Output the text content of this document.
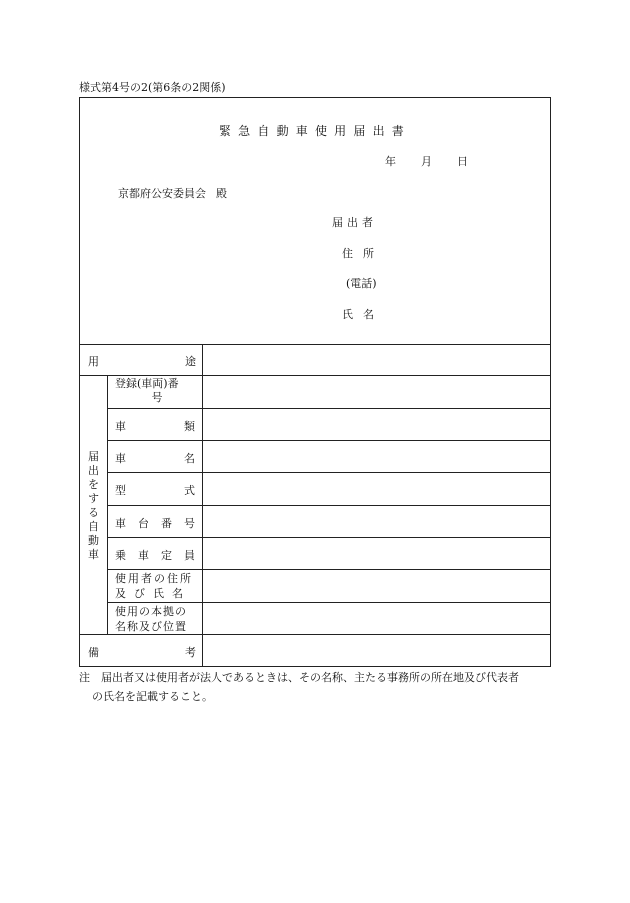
様式第4号の2(第6条の2関係)
緊急自動車使用届出書
年 月 日
京都府公安委員会 殿
届出者
住所
(電話)
氏名
用	途
届
出
を
す
る
自
動
車
登録(車両)番
号
車	類
車	名
型	式
車 台 番 号
乗 車 定 員
使用者の住所
及び氏名
使用の本拠の
名称及び位置
備	考
注　届出者又は使用者が法人であるときは、その名称、主たる事務所の所在地及び代表者
の氏名を記載すること。
